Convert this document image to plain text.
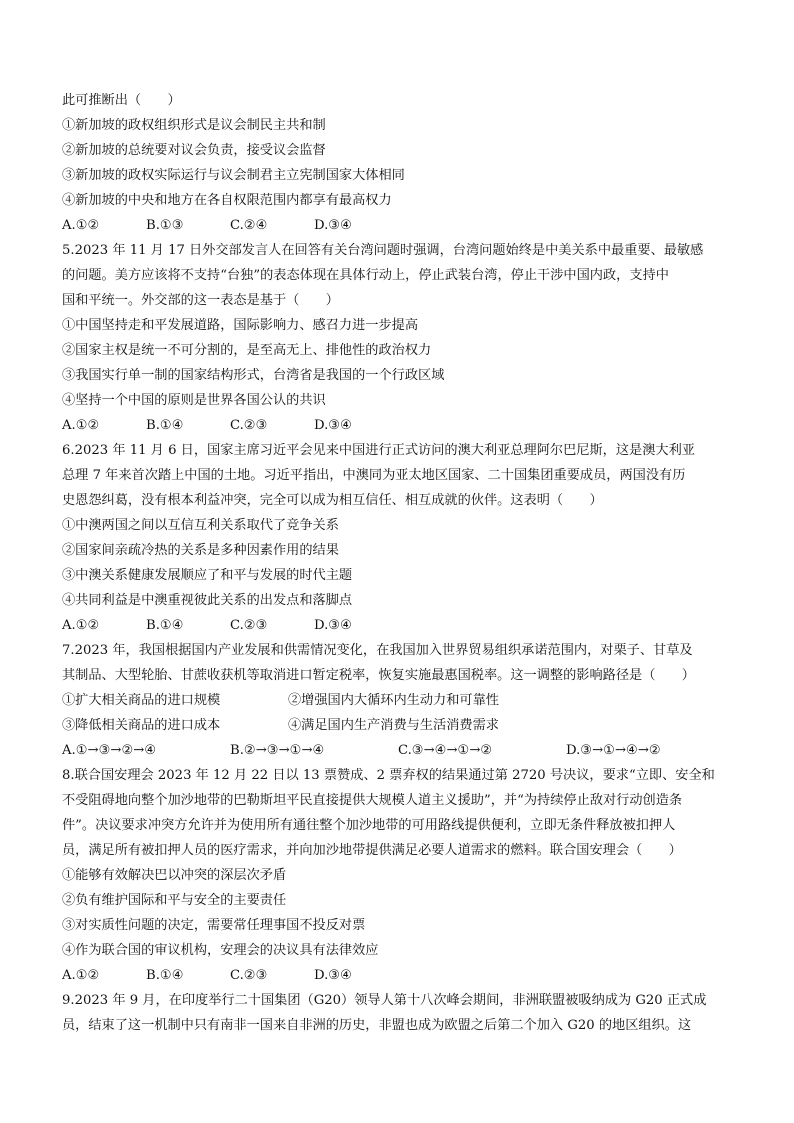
此可推断出（　　）
①新加坡的政权组织形式是议会制民主共和制
②新加坡的总统要对议会负责，接受议会监督
③新加坡的政权实际运行与议会制君主立宪制国家大体相同
④新加坡的中央和地方在各自权限范围内都享有最高权力
A.①②	B.①③	C.②④	D.③④
5.2023 年 11 月 17 日外交部发言人在回答有关台湾问题时强调，台湾问题始终是中美关系中最重要、最敏感
的问题。美方应该将不支持“台独”的表态体现在具体行动上，停止武装台湾，停止干涉中国内政，支持中
国和平统一。外交部的这一表态是基于（　　）
①中国坚持走和平发展道路，国际影响力、感召力进一步提高
②国家主权是统一不可分割的，是至高无上、排他性的政治权力
③我国实行单一制的国家结构形式，台湾省是我国的一个行政区域
④坚持一个中国的原则是世界各国公认的共识
A.①②	B.①④	C.②③	D.③④
6.2023 年 11 月 6 日，国家主席习近平会见来中国进行正式访问的澳大利亚总理阿尔巴尼斯，这是澳大利亚
总理 7 年来首次踏上中国的土地。习近平指出，中澳同为亚太地区国家、二十国集团重要成员，两国没有历
史恩怨纠葛，没有根本利益冲突，完全可以成为相互信任、相互成就的伙伴。这表明（　　）
①中澳两国之间以互信互利关系取代了竞争关系
②国家间亲疏冷热的关系是多种因素作用的结果
③中澳关系健康发展顺应了和平与发展的时代主题
④共同利益是中澳重视彼此关系的出发点和落脚点
A.①②	B.①④	C.②③	D.③④
7.2023 年，我国根据国内产业发展和供需情况变化，在我国加入世界贸易组织承诺范围内，对栗子、甘草及
其制品、大型轮胎、甘蔗收获机等取消进口暂定税率，恢复实施最惠国税率。这一调整的影响路径是（　　）
①扩大相关商品的进口规模	②增强国内大循环内生动力和可靠性
③降低相关商品的进口成本	④满足国内生产消费与生活消费需求
A.①→③→②→④	B.②→③→①→④	C.③→④→①→②	D.③→①→④→②
8.联合国安理会 2023 年 12 月 22 日以 13 票赞成、2 票弃权的结果通过第 2720 号决议，要求“立即、安全和
不受阻碍地向整个加沙地带的巴勒斯坦平民直接提供大规模人道主义援助”，并“为持续停止敌对行动创造条
件”。决议要求冲突方允许并为使用所有通往整个加沙地带的可用路线提供便利，立即无条件释放被扣押人
员，满足所有被扣押人员的医疗需求，并向加沙地带提供满足必要人道需求的燃料。联合国安理会（　　）
①能够有效解决巴以冲突的深层次矛盾
②负有维护国际和平与安全的主要责任
③对实质性问题的决定，需要常任理事国不投反对票
④作为联合国的审议机构，安理会的决议具有法律效应
A.①②	B.①④	C.②③	D.③④
9.2023 年 9 月，在印度举行二十国集团（G20）领导人第十八次峰会期间，非洲联盟被吸纳成为 G20 正式成
员，结束了这一机制中只有南非一国来自非洲的历史，非盟也成为欧盟之后第二个加入 G20 的地区组织。这
